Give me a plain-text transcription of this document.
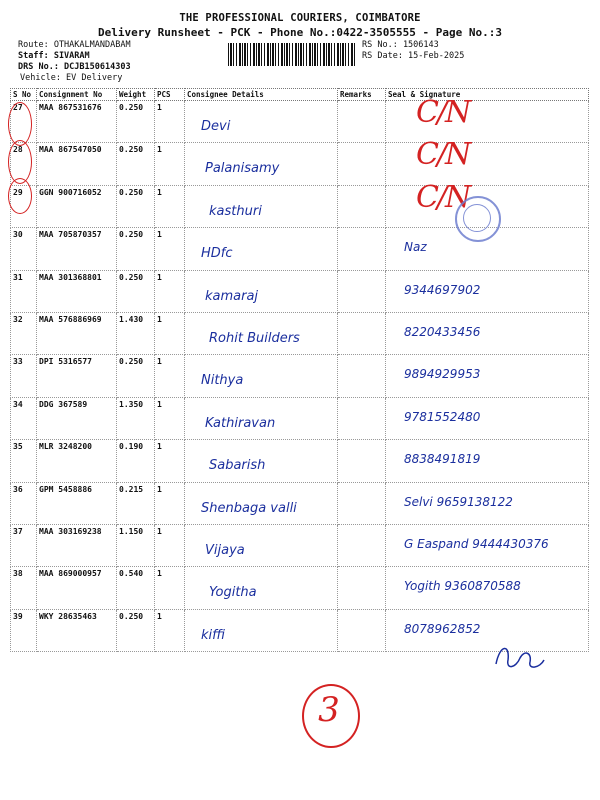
THE PROFESSIONAL COURIERS, COIMBATORE
Delivery Runsheet - PCK - Phone No.:0422-3505555 - Page No.:3
Route: OTHAKALMANDABAM
Staff: SIVARAM
DRS No.: DCJB150614303
Vehicle: EV Delivery
RS No.: 1506143
RS Date: 15-Feb-2025
S No	Consignment No	Weight	PCS	Consignee Details	Remarks	Seal & Signature
27	MAA 867531676	0.250	1	Devi		C/N

28	MAA 867547050	0.250	1	Palanisamy		C/N

29	GGN 900716052	0.250	1	kasthuri		C/N

30	MAA 705870357	0.250	1	HDfc		Naz
31	MAA 301368801	0.250	1	kamaraj		9344697902
32	MAA 576886969	1.430	1	Rohit Builders		8220433456
33	DPI 5316577	0.250	1	Nithya		9894929953
34	DDG 367589	1.350	1	Kathiravan		9781552480
35	MLR 3248200	0.190	1	Sabarish		8838491819
36	GPM 5458886	0.215	1	Shenbaga valli		Selvi 9659138122
37	MAA 303169238	1.150	1	Vijaya		G Easpand 9444430376
38	MAA 869000957	0.540	1	Yogitha		Yogith 9360870588
39	WKY 28635463	0.250	1	kiffi		8078962852
3
